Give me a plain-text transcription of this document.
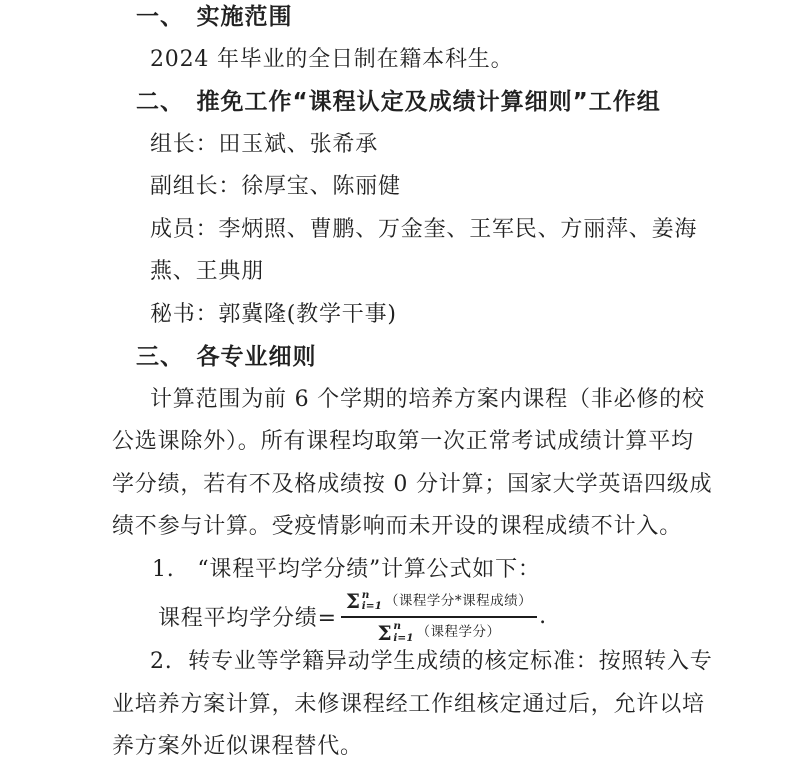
一、　实施范围
2024 年毕业的全日制在籍本科生。
二、　推免工作“课程认定及成绩计算细则”工作组
组长：田玉斌、张希承
副组长：徐厚宝、陈丽健
成员：李炳照、曹鹏、万金奎、王军民、方丽萍、姜海
燕、王典朋
秘书：郭冀隆(教学干事)
三、　各专业细则
计算范围为前 6 个学期的培养方案内课程（非必修的校
公选课除外）。所有课程均取第一次正常考试成绩计算平均
学分绩，若有不及格成绩按 0 分计算；国家大学英语四级成
绩不参与计算。受疫情影响而未开设的课程成绩不计入。
1.　“课程平均学分绩”计算公式如下：
课程平均学分绩=
Σ n
i=1 （课程学分*课程成绩）
Σ n
i=1 （课程学分）
.
2.  转专业等学籍异动学生成绩的核定标准：按照转入专
业培养方案计算，未修课程经工作组核定通过后，允许以培
养方案外近似课程替代。
